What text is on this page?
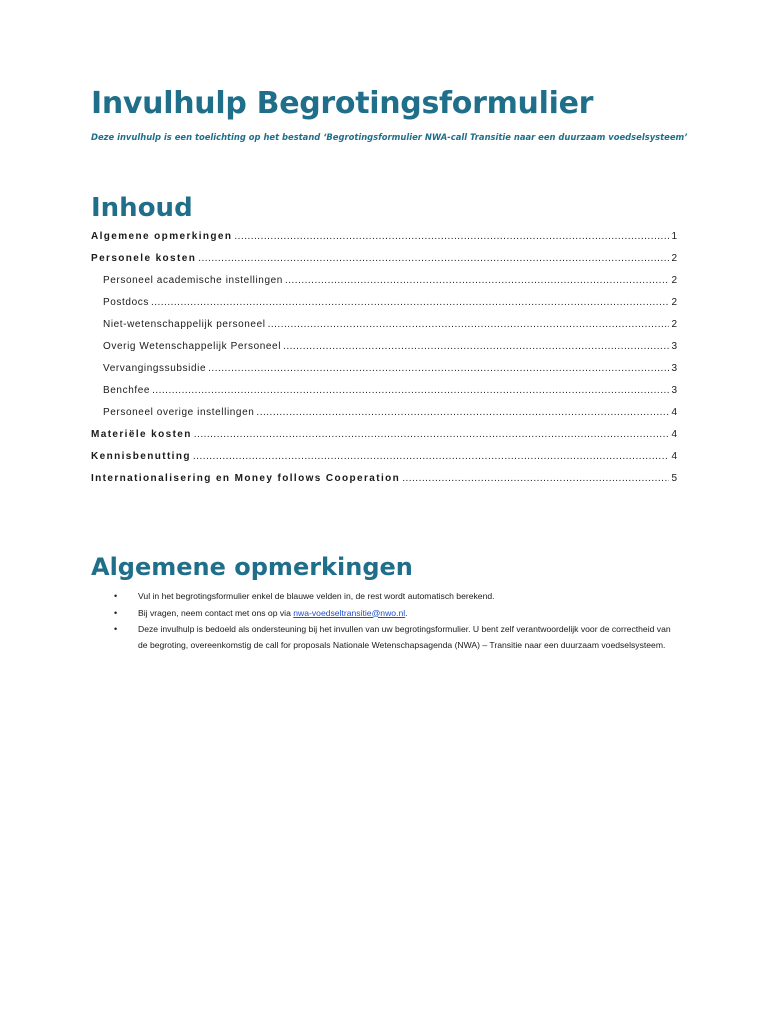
Invulhulp Begrotingsformulier

Deze invulhulp is een toelichting op het bestand ‘Begrotingsformulier NWA-call Transitie naar een duurzaam voedselsysteem’

Inhoud
Algemene opmerkingen .....	1
Personele kosten .....	2
Personeel academische instellingen .....	2
Postdocs .....	2
Niet-wetenschappelijk personeel .....	2
Overig Wetenschappelijk Personeel .....	3
Vervangingssubsidie .....	3
Benchfee .....	3
Personeel overige instellingen .....	4
Materiële kosten .....	4
Kennisbenutting .....	4
Internationalisering en Money follows Cooperation .....	5
Algemene opmerkingen
• Vul in het begrotingsformulier enkel de blauwe velden in, de rest wordt automatisch berekend.
• Bij vragen, neem contact met ons op via nwa-voedseltransitie@nwo.nl.
• Deze invulhulp is bedoeld als ondersteuning bij het invullen van uw begrotingsformulier. U bent zelf verantwoordelijk voor de correctheid van de begroting, overeenkomstig de call for proposals Nationale Wetenschapsagenda (NWA) – Transitie naar een duurzaam voedselsysteem.
